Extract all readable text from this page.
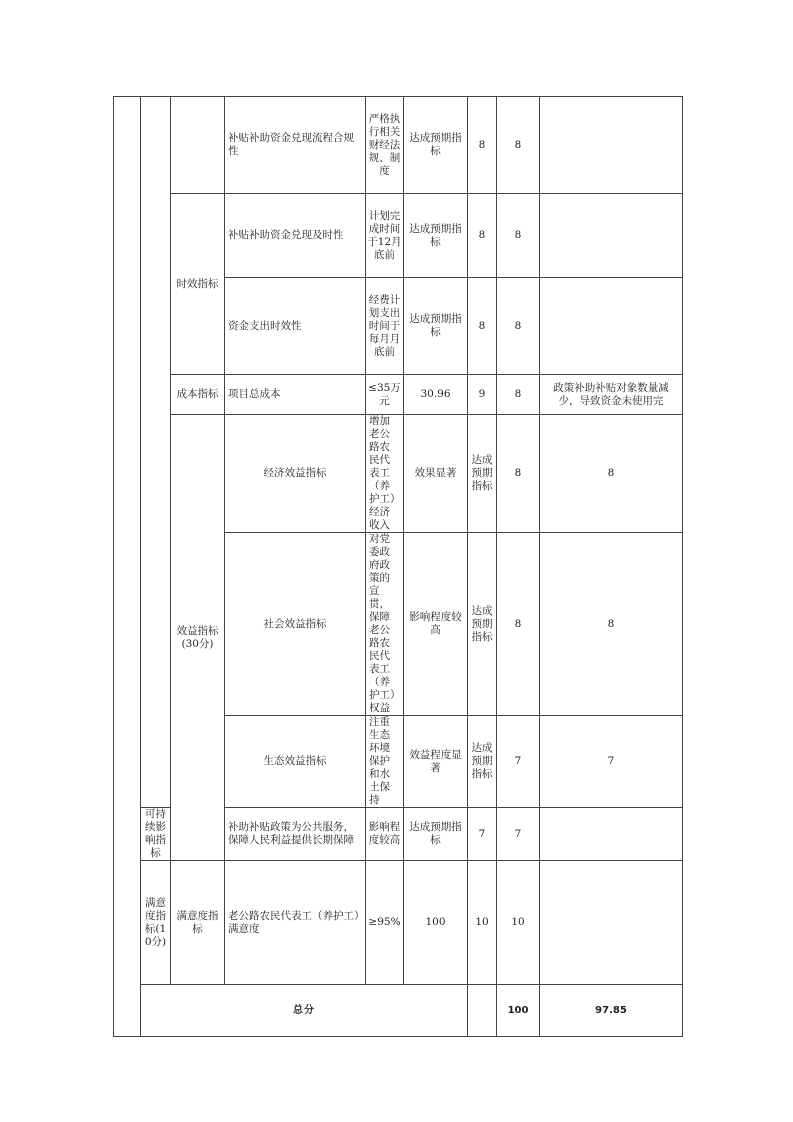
			补贴补助资金兑现流程合规性	严格执行相关财经法规、制度	达成预期指标	8	8		
		时效指标	补贴补助资金兑现及时性	计划完成时间于12月底前	达成预期指标	8	8		
			资金支出时效性	经费计划支出时间于每月月底前	达成预期指标	8	8		
		成本指标	项目总成本	≤35万元	30.96	9	8	政策补助补贴对象数量减少，导致资金未使用完	
		效益指标(30分)	经济效益指标	增加老公路农民代表工（养护工）经济收入	效果显著	达成预期指标	8	8	
			社会效益指标	对党委政府政策的宣贯，保障老公路农民代表工（养护工）权益	影响程度较高	达成预期指标	8	8	
			生态效益指标	注重生态环境保护和水土保持	效益程度显著	达成预期指标	7	7	
	可持续影响指标		补助补贴政策为公共服务，保障人民利益提供长期保障	影响程度较高	达成预期指标	7	7		
	满意度指标(10分)	满意度指标	老公路农民代表工（养护工）满意度	≥95%	100	10	10		
	总分						100	97.85	
